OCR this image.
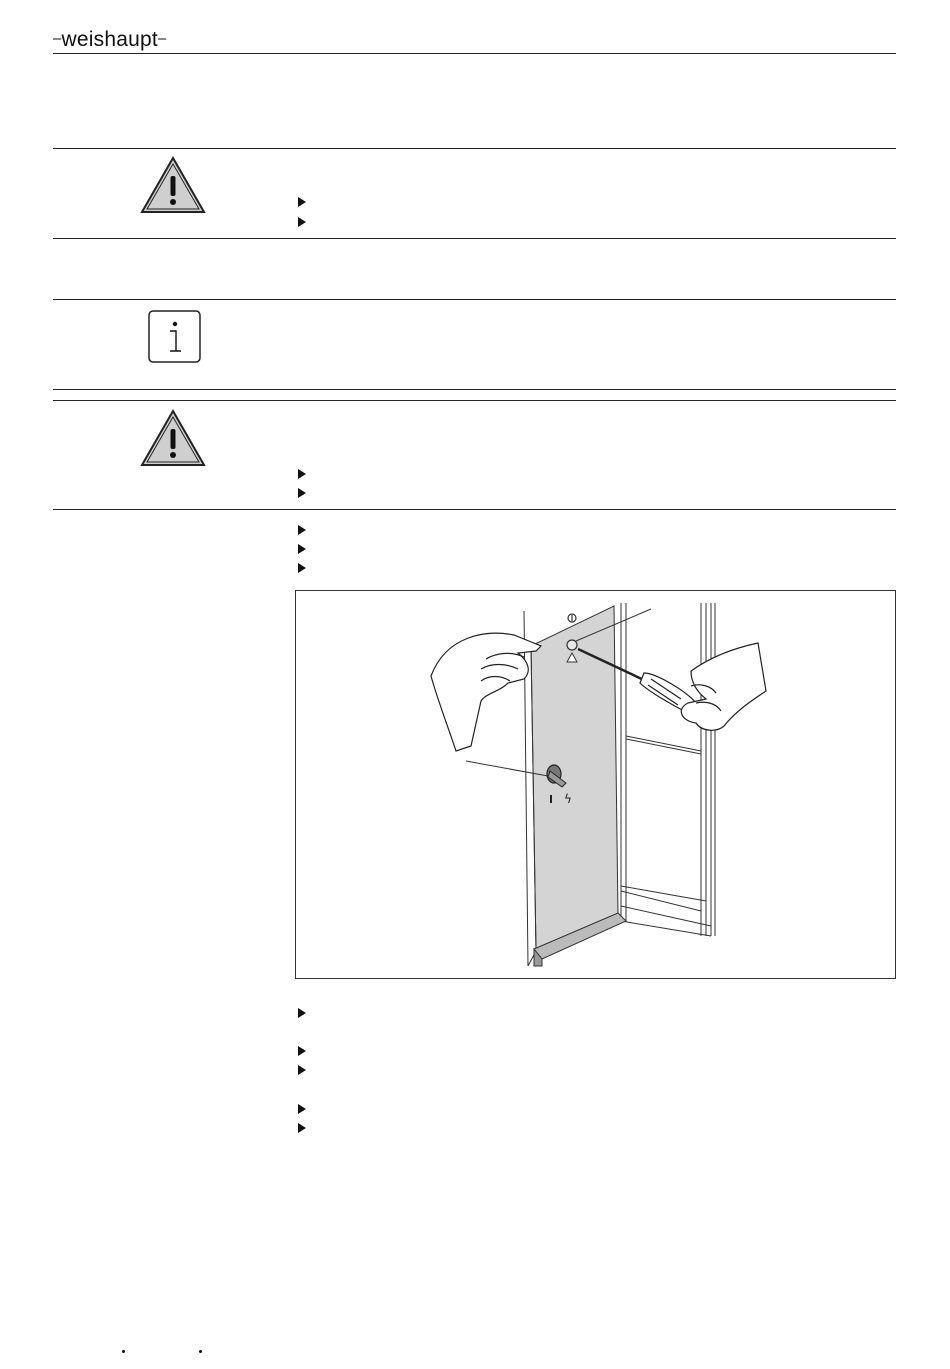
–weishaupt–
ϟ
